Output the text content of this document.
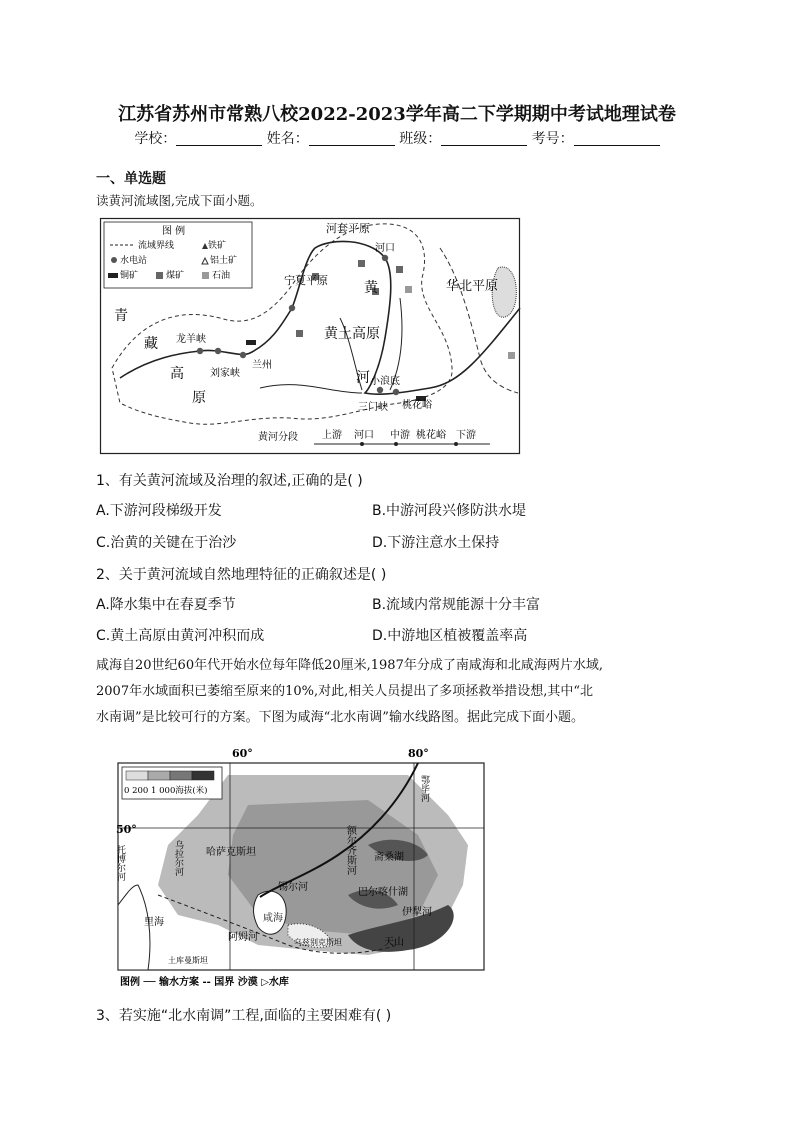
江苏省苏州市常熟八校2022-2023学年高二下学期期中考试地理试卷
学校：	姓名：	班级：	考号：
一、单选题
读黄河流域图,完成下面小题。
图 例
流域界线	铁矿
水电站	铝土矿
铜矿	煤矿	石油
河套平原
河口
黄
河
宁夏平原	华北平原
青
藏
高
原
龙羊峡
刘家峡
兰州
黄土高原
小浪底
三门峡 桃花峪
黄河分段 上游 河口 中游 桃花峪 下游
1、有关黄河流域及治理的叙述,正确的是( )
A.下游河段梯级开发	B.中游河段兴修防洪水堤
C.治黄的关键在于治沙	D.下游注意水土保持
2、关于黄河流域自然地理特征的正确叙述是( )
A.降水集中在春夏季节	B.流域内常规能源十分丰富
C.黄土高原由黄河冲积而成	D.中游地区植被覆盖率高
咸海自20世纪60年代开始水位每年降低20厘米,1987年分成了南咸海和北咸海两片水域,
2007年水域面积已萎缩至原来的10%,对此,相关人员提出了多项拯救举措设想,其中“北
水南调”是比较可行的方案。下图为咸海“北水南调”输水线路图。据此完成下面小题。
60°	80°
50°
0 200 1 000海拔(米)
额尔齐斯河
哈萨克斯坦	斋桑湖
巴尔喀什湖
伊犁河
天山
锡尔河
咸海
阿姆河
乌拉尔河
托博尔河
里海
鄂毕河
乌兹别克斯坦
土库曼斯坦
图例 ── 输水方案 -- 国界 沙漠 ▷水库
3、若实施“北水南调”工程,面临的主要困难有( )
